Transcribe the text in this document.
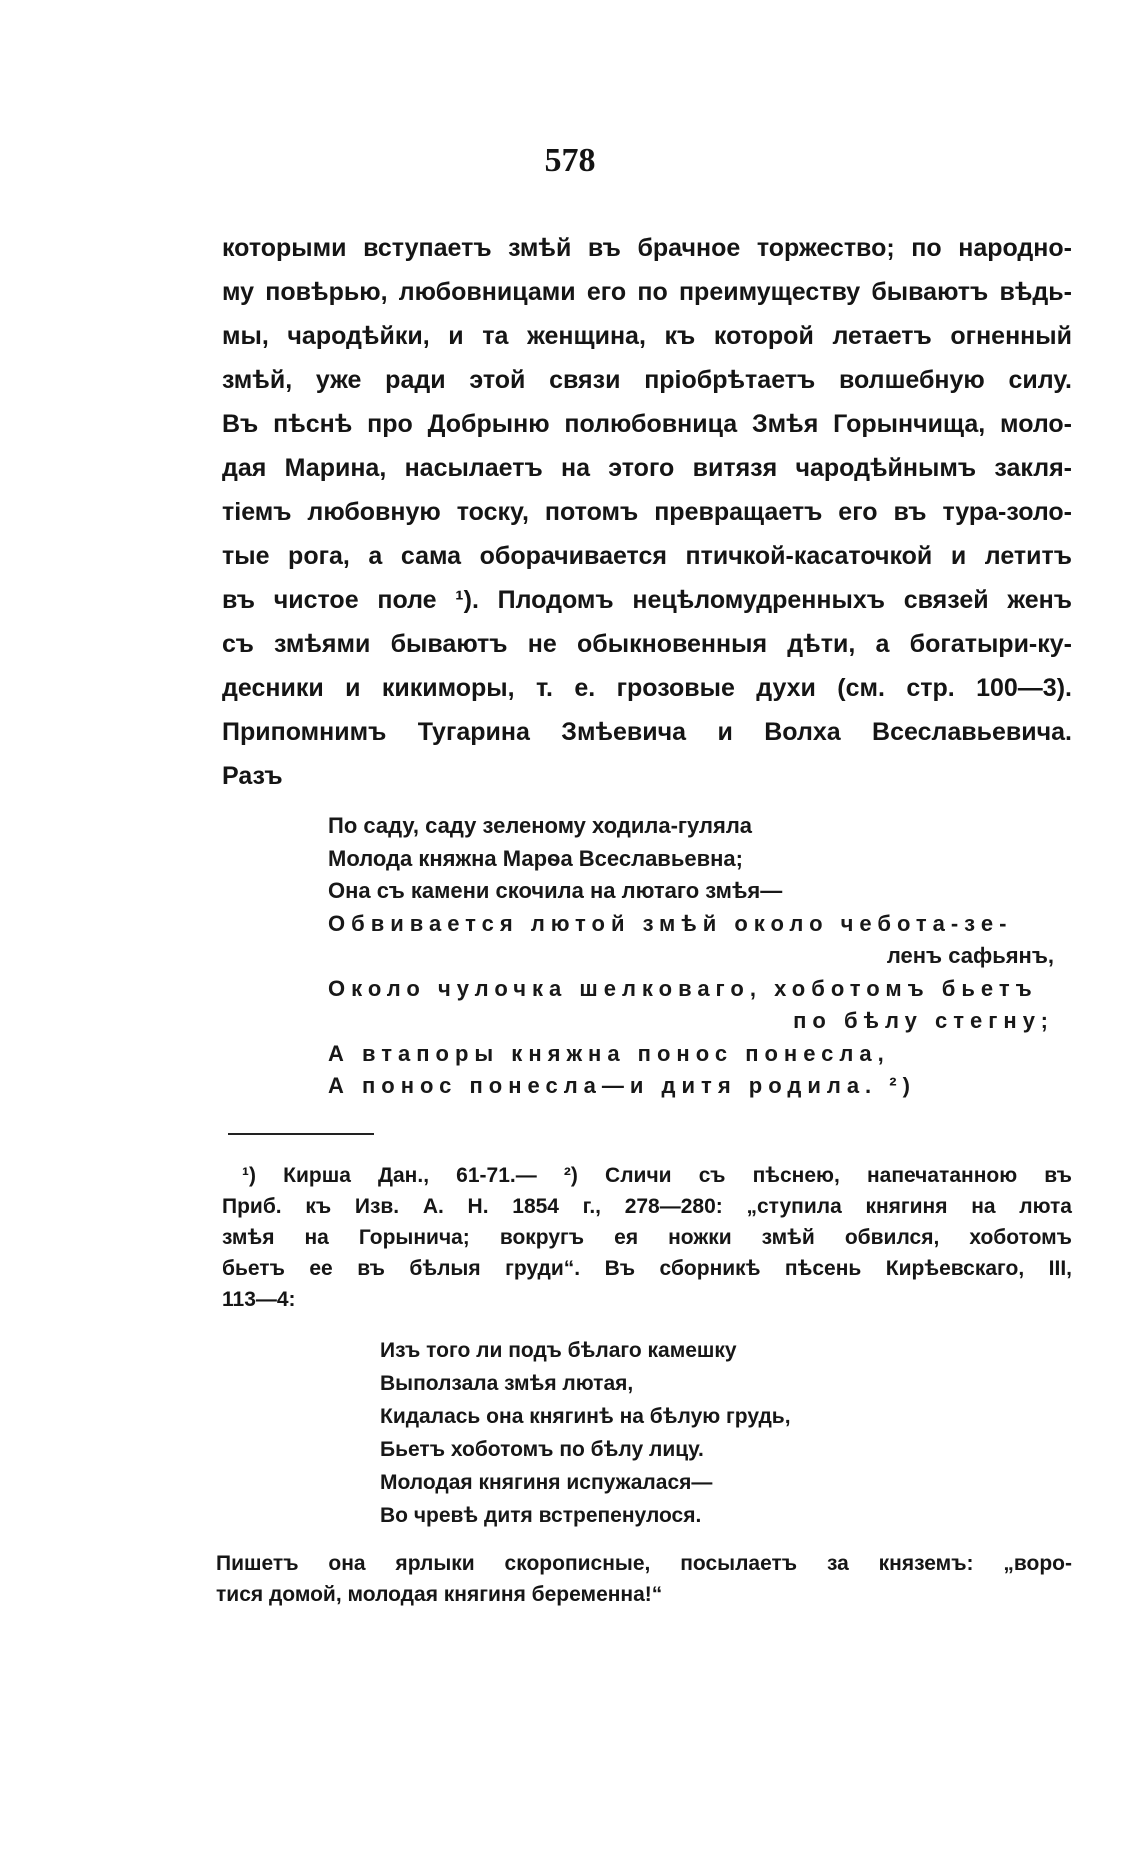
578
которыми вступаетъ змѣй въ брачное торжество; по народно-
му повѣрью, любовницами его по преимуществу бываютъ вѣдь-
мы, чародѣйки, и та женщина, къ которой летаетъ огненный
змѣй, уже ради этой связи пріобрѣтаетъ волшебную силу.
Въ пѣснѣ про Добрыню полюбовница Змѣя Горынчища, моло-
дая Марина, насылаетъ на этого витязя чародѣйнымъ закля-
тіемъ любовную тоску, потомъ превращаетъ его въ тура-золо-
тые рога, а сама оборачивается птичкой-касаточкой и летитъ
въ чистое поле ¹). Плодомъ нецѣломудренныхъ связей женъ
съ змѣями бываютъ не обыкновенныя дѣти, а богатыри-ку-
десники и кикиморы, т. е. грозовые духи (см. стр. 100—3).
Припомнимъ Тугарина Змѣевича и Волха Всеславьевича.
Разъ
По саду, саду зеленому ходила-гуляла
Молода княжна Марѳа Всеславьевна;
Она съ камени скочила на лютаго змѣя—
Обвивается лютой змѣй около чебота-зе-
ленъ сафьянъ,
Около чулочка шелковаго, хоботомъ бьетъ
по бѣлу стегну;
А втапоры княжна понос понесла,
А понос понесла—и дитя родила. ²)
¹) Кирша Дан., 61-71.— ²) Сличи съ пѣснею, напечатанною въ
Приб. къ Изв. А. Н. 1854 г., 278—280: „ступила княгиня на люта
змѣя на Горынича; вокругъ ея ножки змѣй обвился, хоботомъ
бьетъ ее въ бѣлыя груди“. Въ сборникѣ пѣсень Кирѣевскаго, III,
113—4:
Изъ того ли подъ бѣлаго камешку
Выползала змѣя лютая,
Кидалась она княгинѣ на бѣлую грудь,
Бьетъ хоботомъ по бѣлу лицу.
Молодая княгиня испужалася—
Во чревѣ дитя встрепенулося.
Пишетъ она ярлыки скорописные, посылаетъ за княземъ: „воро-
тися домой, молодая княгиня беременна!“
